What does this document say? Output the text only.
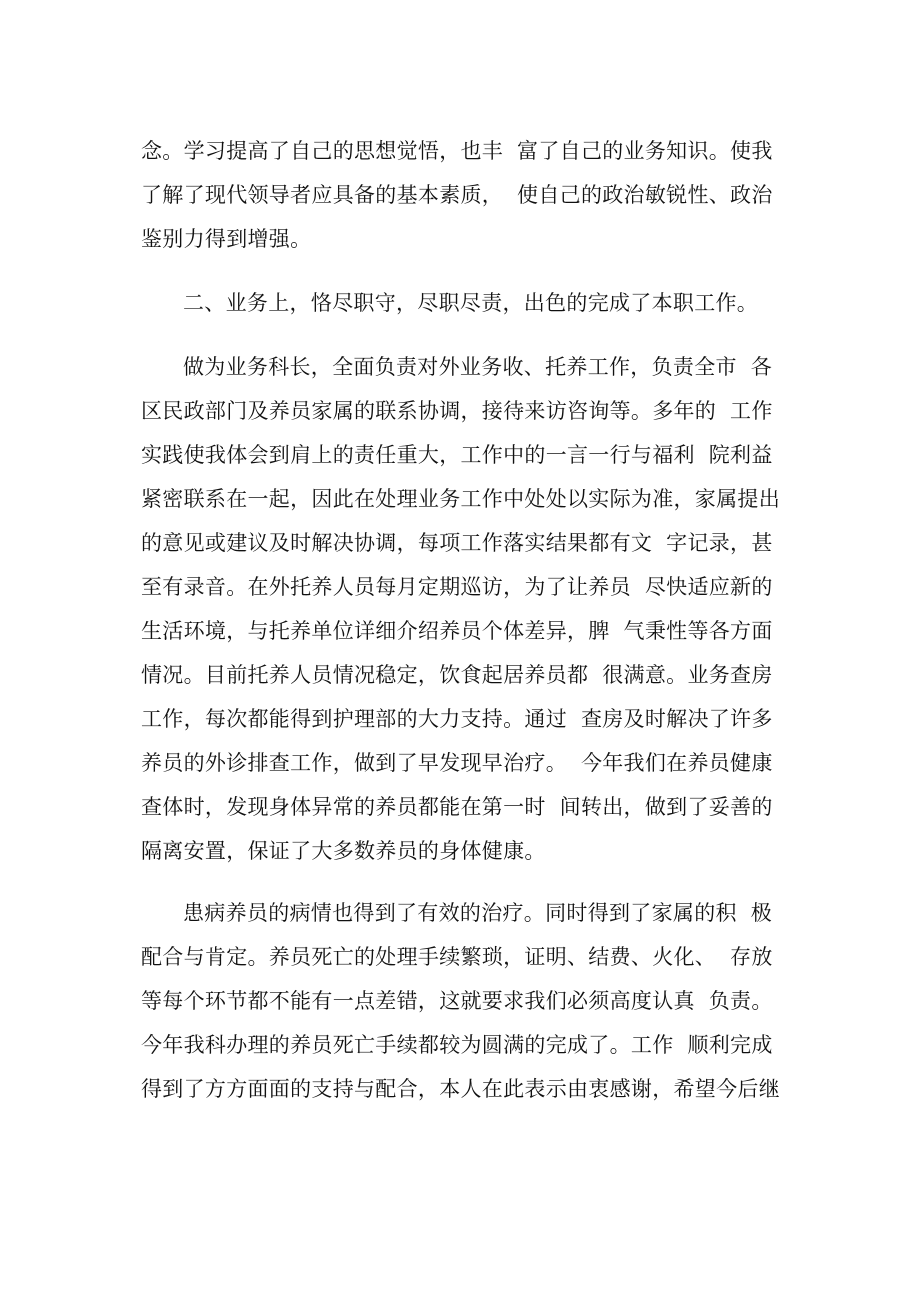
念。学习提高了自己的思想觉悟，也丰  富了自己的业务知识。使我
了解了现代领导者应具备的基本素质，  使自己的政治敏锐性、政治
鉴别力得到增强。
二、业务上，恪尽职守，尽职尽责，出色的完成了本职工作。
做为业务科长，全面负责对外业务收、托养工作，负责全市  各
区民政部门及养员家属的联系协调，接待来访咨询等。多年的  工作
实践使我体会到肩上的责任重大，工作中的一言一行与福利  院利益
紧密联系在一起，因此在处理业务工作中处处以实际为准，家属提出
的意见或建议及时解决协调，每项工作落实结果都有文  字记录，甚
至有录音。在外托养人员每月定期巡访，为了让养员  尽快适应新的
生活环境，与托养单位详细介绍养员个体差异，脾  气秉性等各方面
情况。目前托养人员情况稳定，饮食起居养员都  很满意。业务查房
工作，每次都能得到护理部的大力支持。通过  查房及时解决了许多
养员的外诊排查工作，做到了早发现早治疗。  今年我们在养员健康
查体时，发现身体异常的养员都能在第一时  间转出，做到了妥善的
隔离安置，保证了大多数养员的身体健康。
患病养员的病情也得到了有效的治疗。同时得到了家属的积  极
配合与肯定。养员死亡的处理手续繁琐，证明、结费、火化、  存放
等每个环节都不能有一点差错，这就要求我们必须高度认真  负责。
今年我科办理的养员死亡手续都较为圆满的完成了。工作  顺利完成
得到了方方面面的支持与配合，本人在此表示由衷感谢，希望今后继
